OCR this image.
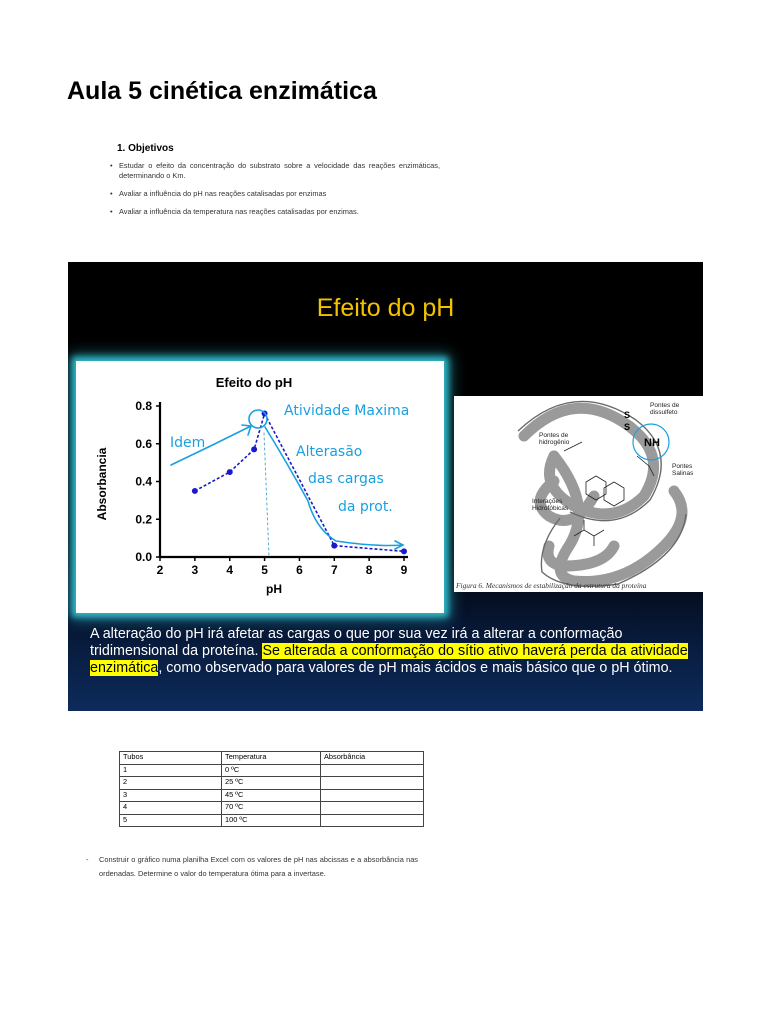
Aula 5 cinética enzimática
1. Objetivos
• Estudar o efeito da concentração do substrato sobre a velocidade das reações enzimáticas, determinando o Km.
• Avaliar a influência do pH nas reações catalisadas por enzimas
• Avaliar a influência da temperatura nas reações catalisadas por enzimas.
Efeito do pH
Efeito do pH
pH
Absorbancia
2 3 4 5 6 7 8 9
0.0
0.2
0.4
0.6
0.8	Atividade Maxima
Idem
Alterasão
das cargas
da prot.
Pontes de
dissulfeto
Pontes de
hidrogênio
Pontes
Salinas
Interações
Hidrofóbicas
S
S
NH
Figura 6. Mecanismos de estabilização da estrutura da proteína
A alteração do pH irá afetar as cargas o que por sua vez irá a alterar a conformação tridimensional da proteína. Se alterada a conformação do sítio ativo haverá perda da atividade enzimática, como observado para valores de pH mais ácidos e mais básico que o pH ótimo.
Tubos	Temperatura	Absorbância
1	0 ºC	
2	25 ºC	
3	45 ºC	
4	70 ºC	
5	100 ºC	
- Construir o gráfico numa planilha Excel com os valores de pH nas abcissas e a absorbância nas ordenadas. Determine o valor do temperatura ótima para a invertase.
